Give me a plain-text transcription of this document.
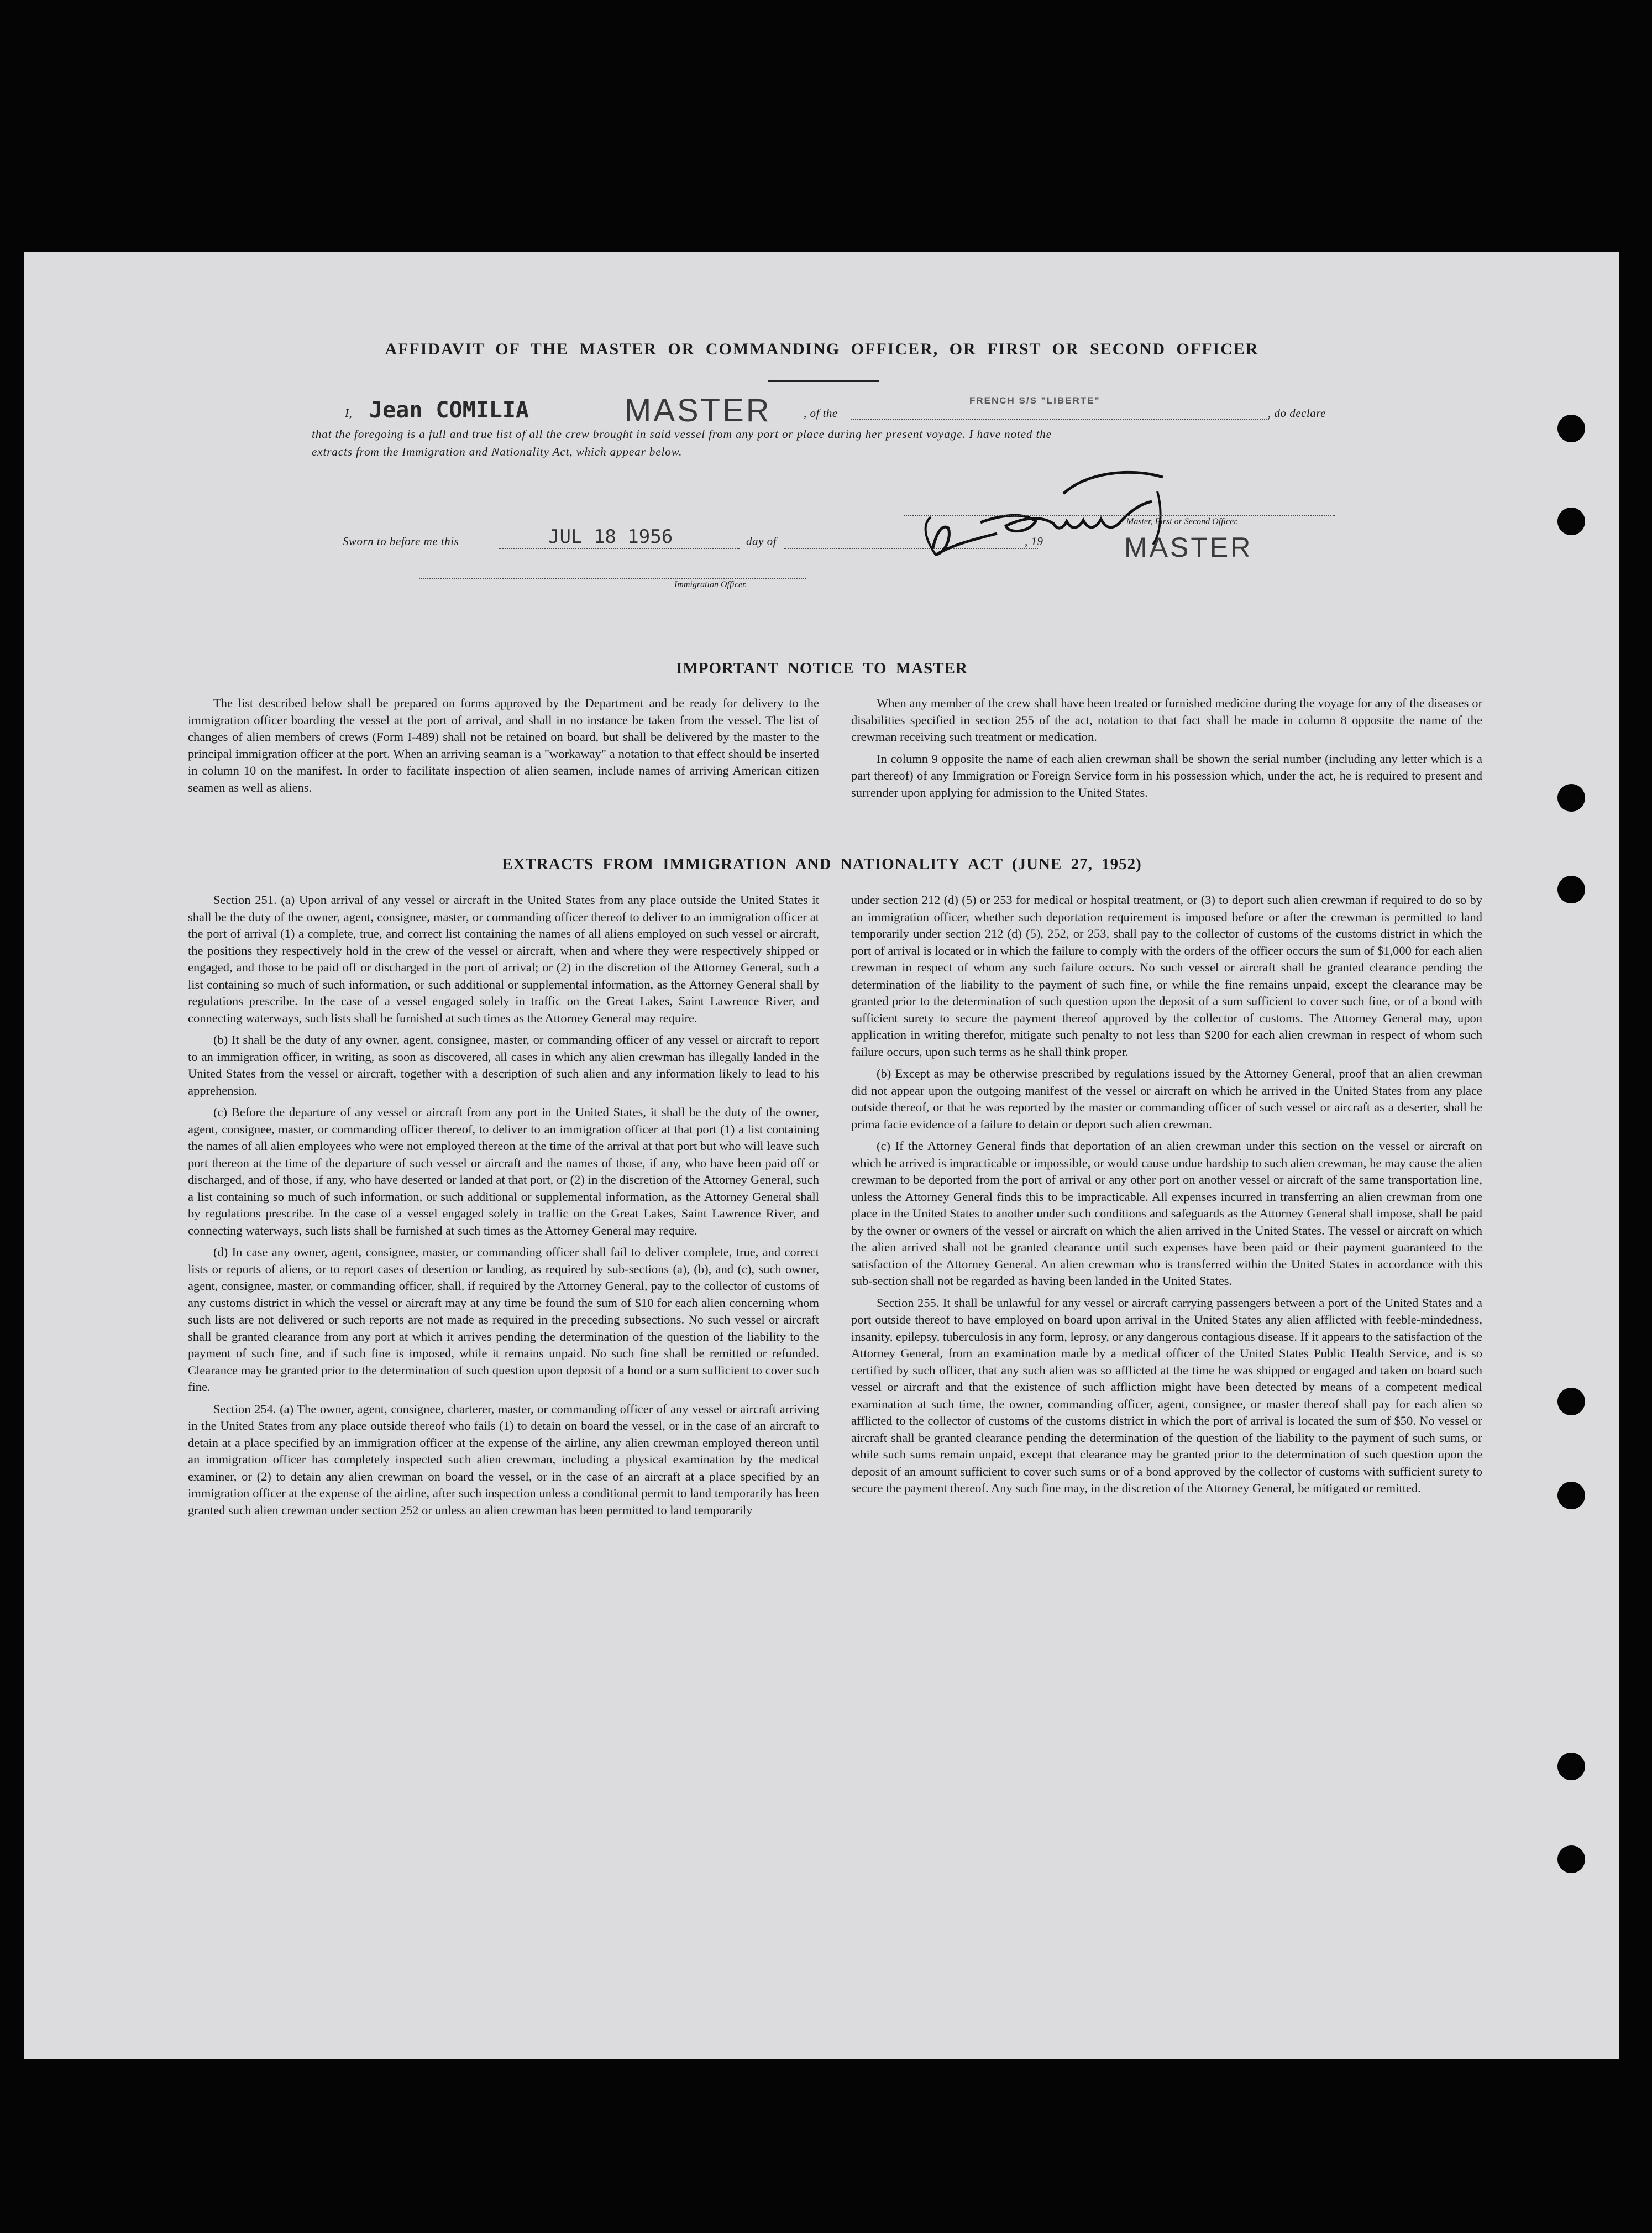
AFFIDAVIT OF THE MASTER OR COMMANDING OFFICER, OR FIRST OR SECOND OFFICER
I, Jean COMILIA	MASTER	, of the
FRENCH S/S "LIBERTE"
, do declare
that the foregoing is a full and true list of all the crew brought in said vessel from any port or place during her present voyage. I have noted the
extracts from the Immigration and Nationality Act, which appear below.
Sworn to before me this	JUL 18 1956	day of	, 19
Master, First or Second Officer.
MASTER
Immigration Officer.
IMPORTANT NOTICE TO MASTER

The list described below shall be prepared on forms approved by the Department and be ready for delivery to the immigration officer boarding the vessel at the port of arrival, and shall in no instance be taken from the vessel. The list of changes of alien members of crews (Form I-489) shall not be retained on board, but shall be delivered by the master to the principal immigration officer at the port. When an arriving seaman is a "workaway" a notation to that effect should be inserted in column 10 on the manifest. In order to facilitate inspection of alien seamen, include names of arriving American citizen seamen as well as aliens.

When any member of the crew shall have been treated or furnished medicine during the voyage for any of the diseases or disabilities specified in section 255 of the act, notation to that fact shall be made in column 8 opposite the name of the crewman receiving such treatment or medication.

In column 9 opposite the name of each alien crewman shall be shown the serial number (including any letter which is a part thereof) of any Immigration or Foreign Service form in his possession which, under the act, he is required to present and surrender upon applying for admission to the United States.

EXTRACTS FROM IMMIGRATION AND NATIONALITY ACT (JUNE 27, 1952)

Section 251. (a) Upon arrival of any vessel or aircraft in the United States from any place outside the United States it shall be the duty of the owner, agent, consignee, master, or commanding officer thereof to deliver to an immigration officer at the port of arrival (1) a complete, true, and correct list containing the names of all aliens employed on such vessel or aircraft, the positions they respectively hold in the crew of the vessel or aircraft, when and where they were respectively shipped or engaged, and those to be paid off or discharged in the port of arrival; or (2) in the discretion of the Attorney General, such a list containing so much of such information, or such additional or supplemental information, as the Attorney General shall by regulations prescribe. In the case of a vessel engaged solely in traffic on the Great Lakes, Saint Lawrence River, and connecting waterways, such lists shall be furnished at such times as the Attorney General may require.

(b) It shall be the duty of any owner, agent, consignee, master, or commanding officer of any vessel or aircraft to report to an immigration officer, in writing, as soon as discovered, all cases in which any alien crewman has illegally landed in the United States from the vessel or aircraft, together with a description of such alien and any information likely to lead to his apprehension.

(c) Before the departure of any vessel or aircraft from any port in the United States, it shall be the duty of the owner, agent, consignee, master, or commanding officer thereof, to deliver to an immigration officer at that port (1) a list containing the names of all alien employees who were not employed thereon at the time of the arrival at that port but who will leave such port thereon at the time of the departure of such vessel or aircraft and the names of those, if any, who have been paid off or discharged, and of those, if any, who have deserted or landed at that port, or (2) in the discretion of the Attorney General, such a list containing so much of such information, or such additional or supplemental information, as the Attorney General shall by regulations prescribe. In the case of a vessel engaged solely in traffic on the Great Lakes, Saint Lawrence River, and connecting waterways, such lists shall be furnished at such times as the Attorney General may require.

(d) In case any owner, agent, consignee, master, or commanding officer shall fail to deliver complete, true, and correct lists or reports of aliens, or to report cases of desertion or landing, as required by sub-sections (a), (b), and (c), such owner, agent, consignee, master, or commanding officer, shall, if required by the Attorney General, pay to the collector of customs of any customs district in which the vessel or aircraft may at any time be found the sum of $10 for each alien concerning whom such lists are not delivered or such reports are not made as required in the preceding subsections. No such vessel or aircraft shall be granted clearance from any port at which it arrives pending the determination of the question of the liability to the payment of such fine, and if such fine is imposed, while it remains unpaid. No such fine shall be remitted or refunded. Clearance may be granted prior to the determination of such question upon deposit of a bond or a sum sufficient to cover such fine.

Section 254. (a) The owner, agent, consignee, charterer, master, or commanding officer of any vessel or aircraft arriving in the United States from any place outside thereof who fails (1) to detain on board the vessel, or in the case of an aircraft to detain at a place specified by an immigration officer at the expense of the airline, any alien crewman employed thereon until an immigration officer has completely inspected such alien crewman, including a physical examination by the medical examiner, or (2) to detain any alien crewman on board the vessel, or in the case of an aircraft at a place specified by an immigration officer at the expense of the airline, after such inspection unless a conditional permit to land temporarily has been granted such alien crewman under section 252 or unless an alien crewman has been permitted to land temporarily

under section 212 (d) (5) or 253 for medical or hospital treatment, or (3) to deport such alien crewman if required to do so by an immigration officer, whether such deportation requirement is imposed before or after the crewman is permitted to land temporarily under section 212 (d) (5), 252, or 253, shall pay to the collector of customs of the customs district in which the port of arrival is located or in which the failure to comply with the orders of the officer occurs the sum of $1,000 for each alien crewman in respect of whom any such failure occurs. No such vessel or aircraft shall be granted clearance pending the determination of the liability to the payment of such fine, or while the fine remains unpaid, except the clearance may be granted prior to the determination of such question upon the deposit of a sum sufficient to cover such fine, or of a bond with sufficient surety to secure the payment thereof approved by the collector of customs. The Attorney General may, upon application in writing therefor, mitigate such penalty to not less than $200 for each alien crewman in respect of whom such failure occurs, upon such terms as he shall think proper.

(b) Except as may be otherwise prescribed by regulations issued by the Attorney General, proof that an alien crewman did not appear upon the outgoing manifest of the vessel or aircraft on which he arrived in the United States from any place outside thereof, or that he was reported by the master or commanding officer of such vessel or aircraft as a deserter, shall be prima facie evidence of a failure to detain or deport such alien crewman.

(c) If the Attorney General finds that deportation of an alien crewman under this section on the vessel or aircraft on which he arrived is impracticable or impossible, or would cause undue hardship to such alien crewman, he may cause the alien crewman to be deported from the port of arrival or any other port on another vessel or aircraft of the same transportation line, unless the Attorney General finds this to be impracticable. All expenses incurred in transferring an alien crewman from one place in the United States to another under such conditions and safeguards as the Attorney General shall impose, shall be paid by the owner or owners of the vessel or aircraft on which the alien arrived in the United States. The vessel or aircraft on which the alien arrived shall not be granted clearance until such expenses have been paid or their payment guaranteed to the satisfaction of the Attorney General. An alien crewman who is transferred within the United States in accordance with this sub-section shall not be regarded as having been landed in the United States.

Section 255. It shall be unlawful for any vessel or aircraft carrying passengers between a port of the United States and a port outside thereof to have employed on board upon arrival in the United States any alien afflicted with feeble-mindedness, insanity, epilepsy, tuberculosis in any form, leprosy, or any dangerous contagious disease. If it appears to the satisfaction of the Attorney General, from an examination made by a medical officer of the United States Public Health Service, and is so certified by such officer, that any such alien was so afflicted at the time he was shipped or engaged and taken on board such vessel or aircraft and that the existence of such affliction might have been detected by means of a competent medical examination at such time, the owner, commanding officer, agent, consignee, or master thereof shall pay for each alien so afflicted to the collector of customs of the customs district in which the port of arrival is located the sum of $50. No vessel or aircraft shall be granted clearance pending the determination of the question of the liability to the payment of such sums, or while such sums remain unpaid, except that clearance may be granted prior to the determination of such question upon the deposit of an amount sufficient to cover such sums or of a bond approved by the collector of customs with sufficient surety to secure the payment thereof. Any such fine may, in the discretion of the Attorney General, be mitigated or remitted.
